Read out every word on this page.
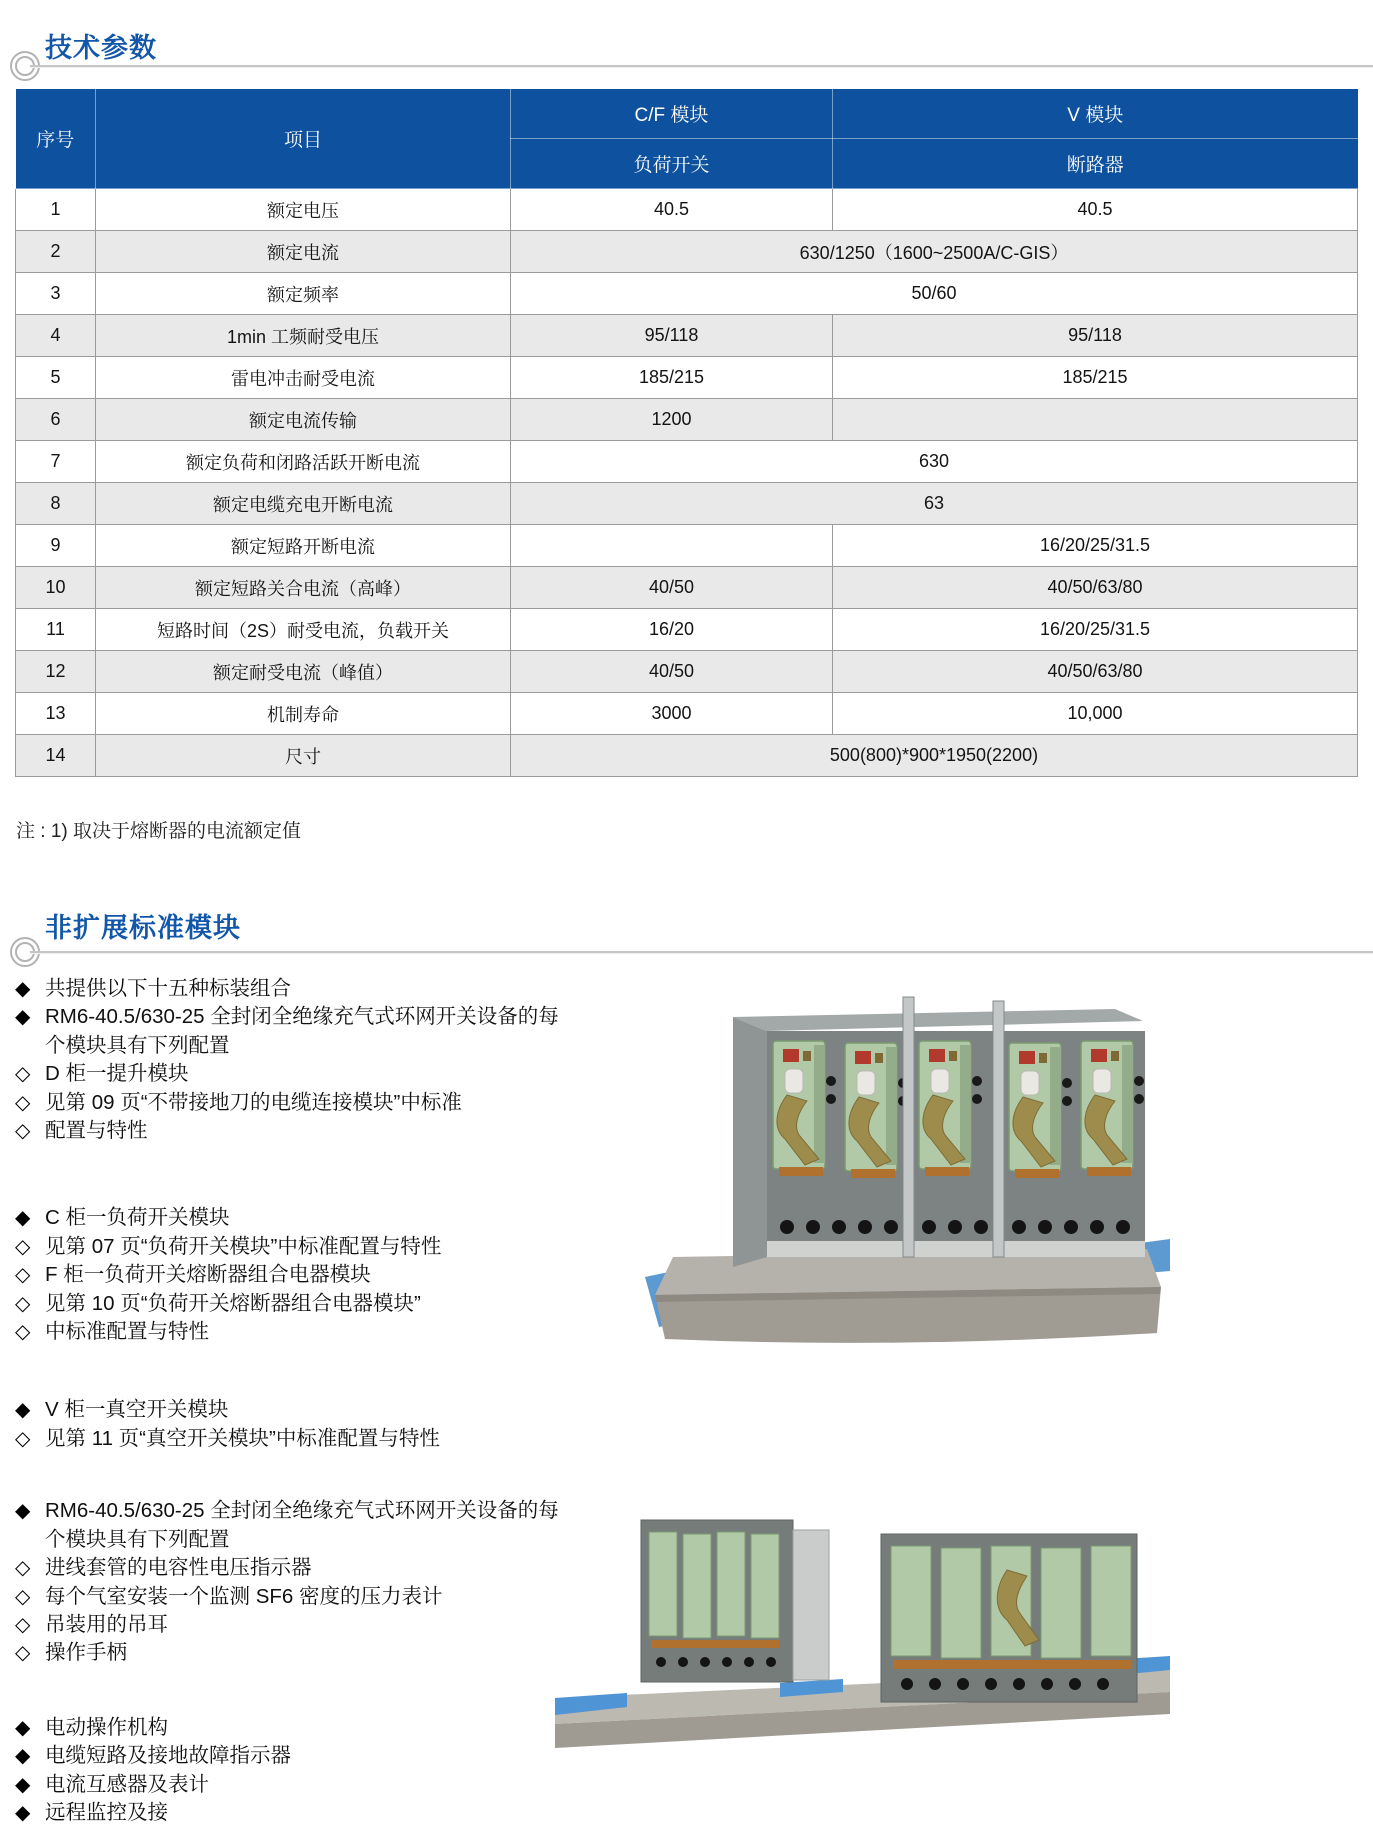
技术参数
序号	项目	C/F 模块	V 模块
		负荷开关	断路器
1	额定电压	40.5	40.5
2	额定电流	630/1250（1600~2500A/C-GIS）	
3	额定频率	50/60	
4	1min 工频耐受电压	95/118	95/118
5	雷电冲击耐受电流	185/215	185/215
6	额定电流传输	1200	
7	额定负荷和闭路活跃开断电流	630	
8	额定电缆充电开断电流	63	
9	额定短路开断电流		16/20/25/31.5
10	额定短路关合电流（高峰）	40/50	40/50/63/80
11	短路时间（2S）耐受电流，负载开关	16/20	16/20/25/31.5
12	额定耐受电流（峰值）	40/50	40/50/63/80
13	机制寿命	3000	10,000
14	尺寸	500(800)*900*1950(2200)	
注 : 1) 取决于熔断器的电流额定值
非扩展标准模块
◆ 共提供以下十五种标装组合
◆ RM6-40.5/630-25 全封闭全绝缘充气式环网开关设备的每
个模块具有下列配置
◇ D 柜一提升模块
◇ 见第 09 页“不带接地刀的电缆连接模块”中标准
◇ 配置与特性
◆ C 柜一负荷开关模块
◇ 见第 07 页“负荷开关模块”中标准配置与特性
◇ F 柜一负荷开关熔断器组合电器模块
◇ 见第 10 页“负荷开关熔断器组合电器模块”
◇ 中标准配置与特性
◆ V 柜一真空开关模块
◇ 见第 11 页“真空开关模块”中标准配置与特性
◆ RM6-40.5/630-25 全封闭全绝缘充气式环网开关设备的每
个模块具有下列配置
◇ 进线套管的电容性电压指示器
◇ 每个气室安装一个监测 SF6 密度的压力表计
◇ 吊装用的吊耳
◇ 操作手柄
◆ 电动操作机构
◆ 电缆短路及接地故障指示器
◆ 电流互感器及表计
◆ 远程监控及接
